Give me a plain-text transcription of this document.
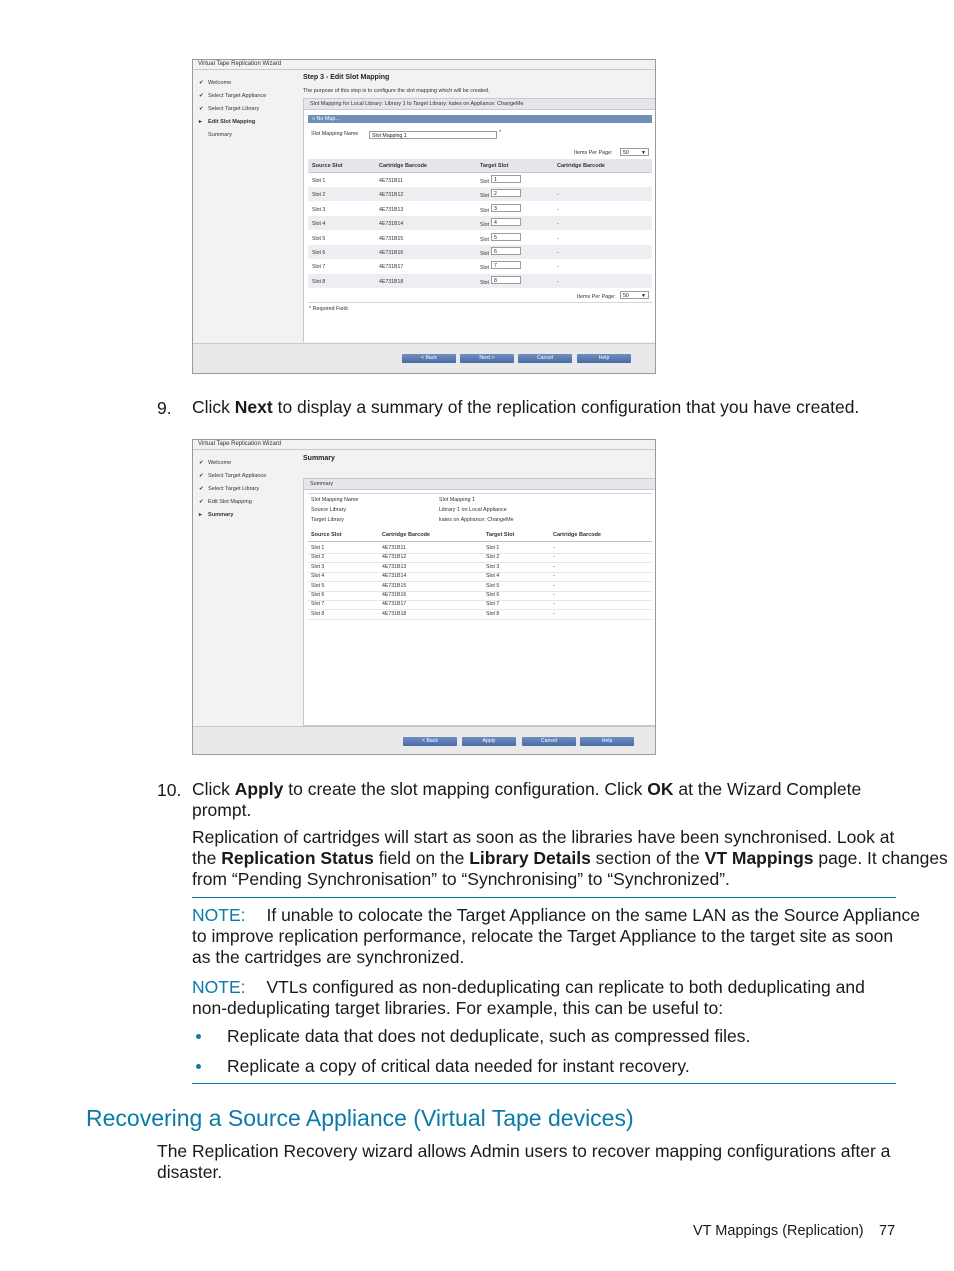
Virtual Tape Replication Wizard
✔ Welcome
✔ Select Target Appliance
✔ Select Target Library
▸ Edit Slot Mapping
Summary
Step 3 - Edit Slot Mapping
The purpose of this step is to configure the slot mapping which will be created.
Slot Mapping for Local Library: Library 1 to Target Library: kates on Appliance: ChangeMe
» No Map...
Slot Mapping Name	Slot Mapping 1	*
Items Per Page:	50 ▼
Source Slot	Cartridge Barcode	Target Slot	Cartridge Barcode
Slot 1	4E731B11	Slot 1
Slot 2	4E731B12	Slot 2	-
Slot 3	4E731B13	Slot 3	-
Slot 4	4E731B14	Slot 4	-
Slot 5	4E731B15	Slot 5	-
Slot 6	4E731B16	Slot 6	-
Slot 7	4E731B17	Slot 7	-
Slot 8	4E731B18	Slot 8	-
Items Per Page:	50 ▼
* Required Field
< Back	Next >	Cancel	Help
9. Click Next to display a summary of the replication configuration that you have created.
Virtual Tape Replication Wizard
✔ Welcome
✔ Select Target Appliance
✔ Select Target Library
✔ Edit Slot Mapping
▸ Summary
Summary
Summary
Slot Mapping Name	Slot Mapping 1
Source Library	Library 1 on Local Appliance
Target Library	kates on Appliance: ChangeMe
Source Slot	Cartridge Barcode	Target Slot	Cartridge Barcode
Slot 1	4E731B11	Slot 1	-
Slot 2	4E731B12	Slot 2	-
Slot 3	4E731B13	Slot 3	-
Slot 4	4E731B14	Slot 4	-
Slot 5	4E731B15	Slot 5	-
Slot 6	4E731B16	Slot 6	-
Slot 7	4E731B17	Slot 7	-
Slot 8	4E731B18	Slot 8	-
< Back	Apply	Cancel	Help
10. Click Apply to create the slot mapping configuration. Click OK at the Wizard Complete
prompt.
Replication of cartridges will start as soon as the libraries have been synchronised. Look at
the Replication Status field on the Library Details section of the VT Mappings page. It changes
from “Pending Synchronisation” to “Synchronising” to “Synchronized”.
NOTE: If unable to colocate the Target Appliance on the same LAN as the Source Appliance
to improve replication performance, relocate the Target Appliance to the target site as soon
as the cartridges are synchronized.
NOTE: VTLs configured as non-deduplicating can replicate to both deduplicating and
non-deduplicating target libraries. For example, this can be useful to:
Replicate data that does not deduplicate, such as compressed files.
Replicate a copy of critical data needed for instant recovery.
Recovering a Source Appliance (Virtual Tape devices)
The Replication Recovery wizard allows Admin users to recover mapping configurations after a
disaster.
VT Mappings (Replication) 77
